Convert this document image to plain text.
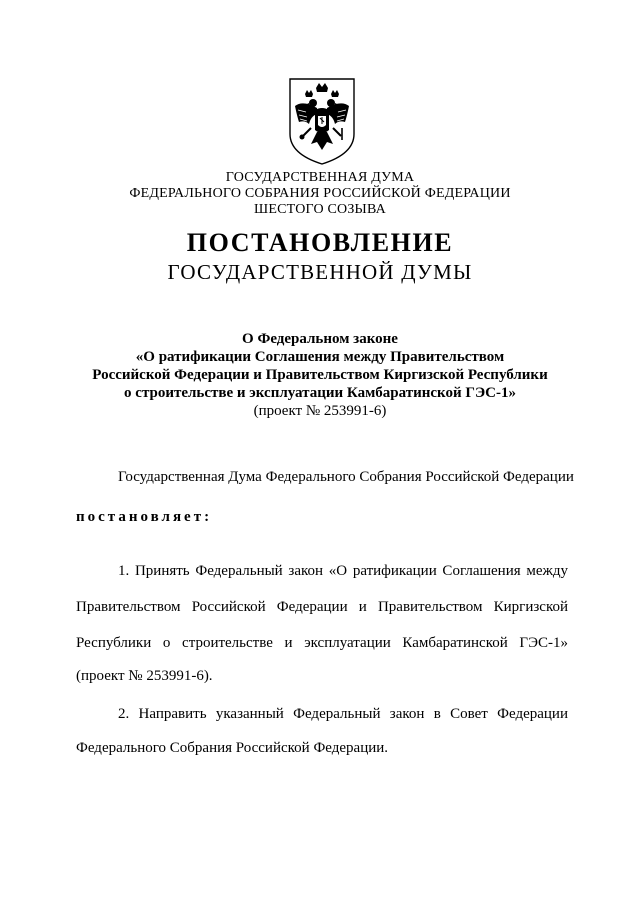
ГОСУДАРСТВЕННАЯ ДУМА
ФЕДЕРАЛЬНОГО СОБРАНИЯ РОССИЙСКОЙ ФЕДЕРАЦИИ
ШЕСТОГО СОЗЫВА
ПОСТАНОВЛЕНИЕ
ГОСУДАРСТВЕННОЙ ДУМЫ
О Федеральном законе
«О ратификации Соглашения между Правительством
Российской Федерации и Правительством Киргизской Республики
о строительстве и эксплуатации Камбаратинской ГЭС-1»
(проект № 253991-6)
Государственная Дума Федерального Собрания Российской Федерации
постановляет:
1. Принять Федеральный закон «О ратификации Соглашения между
Правительством Российской Федерации и Правительством Киргизской
Республики о строительстве и эксплуатации Камбаратинской ГЭС-1»
(проект № 253991-6).
2. Направить указанный Федеральный закон в Совет Федерации
Федерального Собрания Российской Федерации.
